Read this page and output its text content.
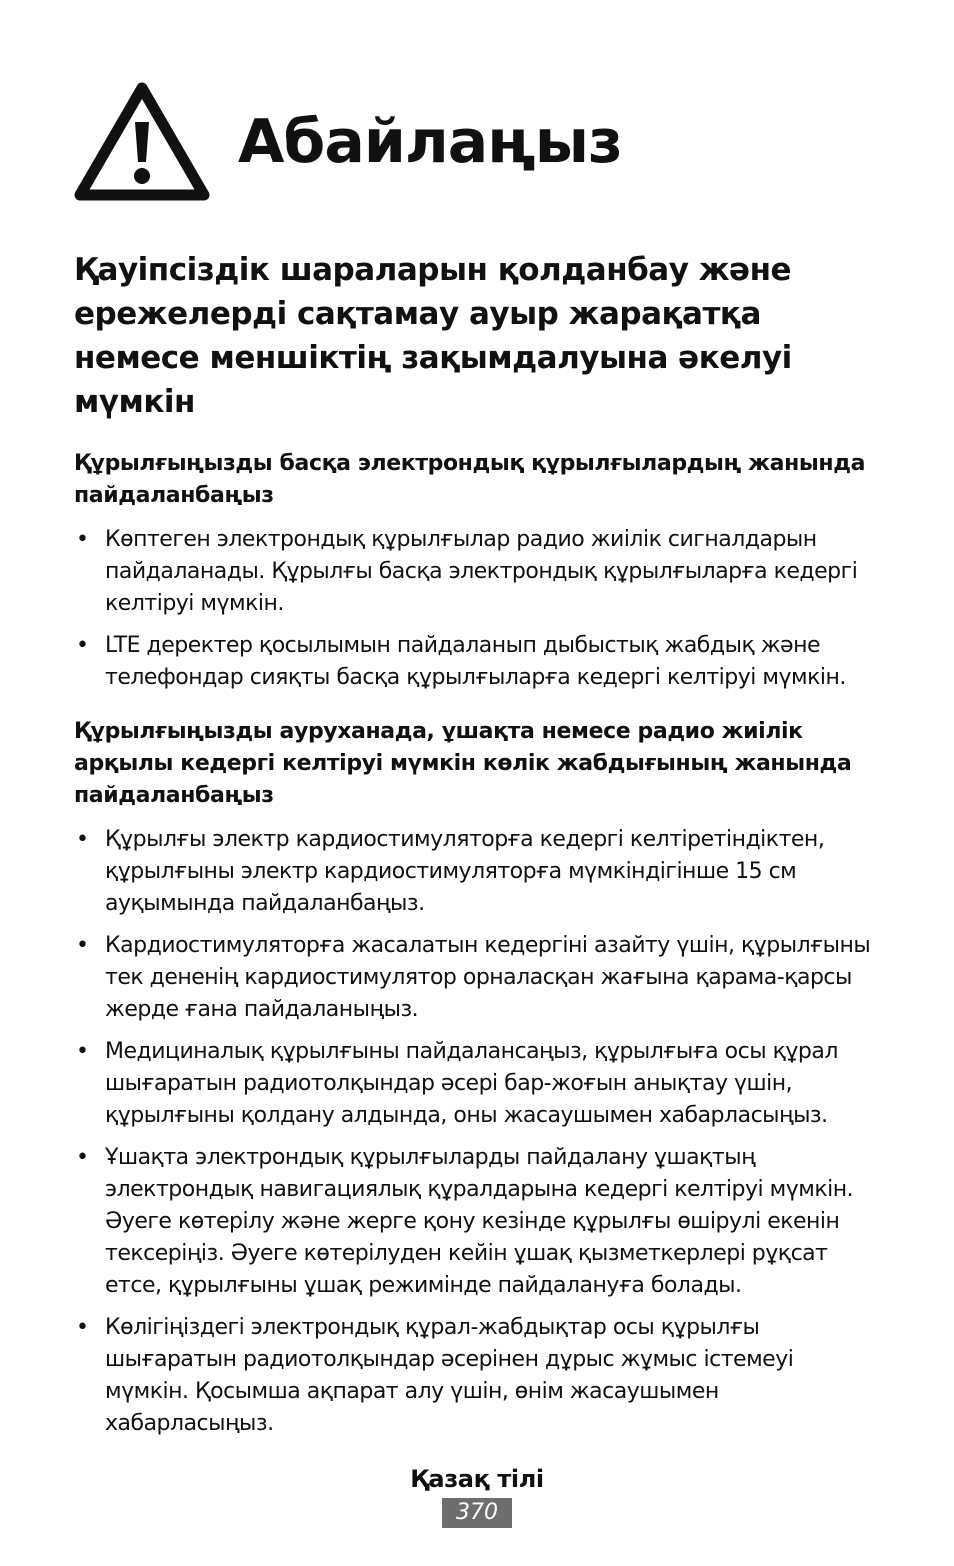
Абайлаңыз
Қауіпсіздік шараларын қолданбау және ережелерді сақтамау ауыр жарақатқа немесе меншіктің зақымдалуына әкелуі мүмкін
Құрылғыңызды басқа электрондық құрылғылардың жанында пайдаланбаңыз
• Көптеген электрондық құрылғылар радио жиілік сигналдарын пайдаланады. Құрылғы басқа электрондық құрылғыларға кедергі келтіруі мүмкін.
• LTE деректер қосылымын пайдаланып дыбыстық жабдық және телефондар сияқты басқа құрылғыларға кедергі келтіруі мүмкін.
Құрылғыңызды ауруханада, ұшақта немесе радио жиілік арқылы кедергі келтіруі мүмкін көлік жабдығының жанында пайдаланбаңыз
• Құрылғы электр кардиостимуляторға кедергі келтіретіндіктен, құрылғыны электр кардиостимуляторға мүмкіндігінше 15 см ауқымында пайдаланбаңыз.
• Кардиостимуляторға жасалатын кедергіні азайту үшін, құрылғыны тек дененің кардиостимулятор орналасқан жағына қарама-қарсы жерде ғана пайдаланыңыз.
• Медициналық құрылғыны пайдалансаңыз, құрылғыға осы құрал шығаратын радиотолқындар әсері бар-жоғын анықтау үшін, құрылғыны қолдану алдында, оны жасаушымен хабарласыңыз.
• Ұшақта электрондық құрылғыларды пайдалану ұшақтың электрондық навигациялық құралдарына кедергі келтіруі мүмкін. Әуеге көтерілу және жерге қону кезінде құрылғы өшірулі екенін тексеріңіз. Әуеге көтерілуден кейін ұшақ қызметкерлері рұқсат етсе, құрылғыны ұшақ режимінде пайдалануға болады.
• Көлігіңіздегі электрондық құрал-жабдықтар осы құрылғы шығаратын радиотолқындар әсерінен дұрыс жұмыс істемеуі мүмкін. Қосымша ақпарат алу үшін, өнім жасаушымен хабарласыңыз.
Қазақ тілі
370
